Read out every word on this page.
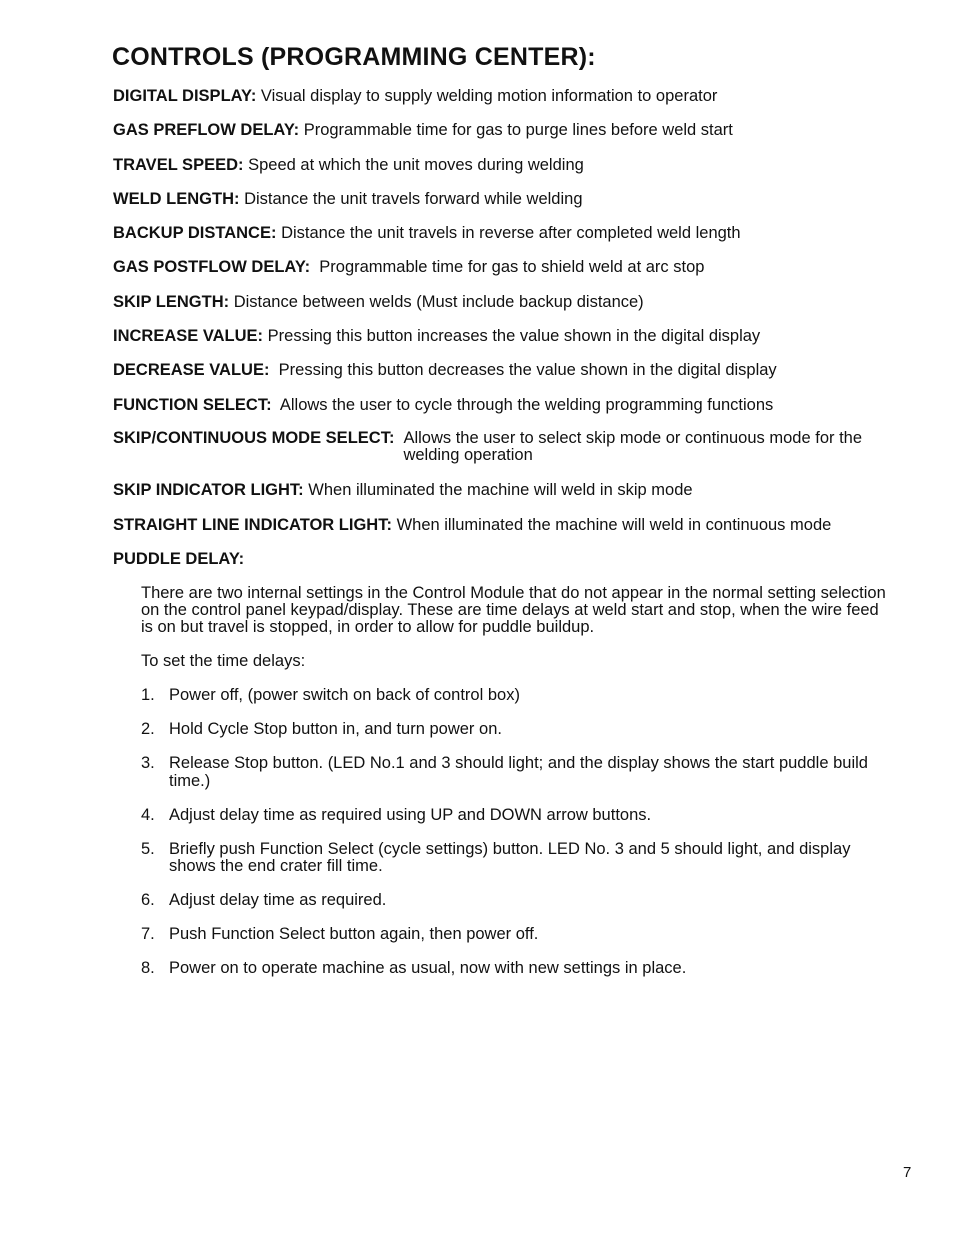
CONTROLS (PROGRAMMING CENTER):

DIGITAL DISPLAY: Visual display to supply welding motion information to operator

GAS PREFLOW DELAY: Programmable time for gas to purge lines before weld start

TRAVEL SPEED: Speed at which the unit moves during welding

WELD LENGTH: Distance the unit travels forward while welding

BACKUP DISTANCE: Distance the unit travels in reverse after completed weld length

GAS POSTFLOW DELAY: Programmable time for gas to shield weld at arc stop

SKIP LENGTH: Distance between welds (Must include backup distance)

INCREASE VALUE: Pressing this button increases the value shown in the digital display

DECREASE VALUE: Pressing this button decreases the value shown in the digital display

FUNCTION SELECT: Allows the user to cycle through the welding programming functions

SKIP/CONTINUOUS MODE SELECT: Allows the user to select skip mode or continuous mode for the welding operation

SKIP INDICATOR LIGHT: When illuminated the machine will weld in skip mode

STRAIGHT LINE INDICATOR LIGHT: When illuminated the machine will weld in continuous mode

PUDDLE DELAY:

There are two internal settings in the Control Module that do not appear in the normal setting selection on the control panel keypad/display. These are time delays at weld start and stop, when the wire feed is on but travel is stopped, in order to allow for puddle buildup.

To set the time delays:

1. Power off, (power switch on back of control box)
2. Hold Cycle Stop button in, and turn power on.
3. Release Stop button. (LED No.1 and 3 should light; and the display shows the start puddle build time.)
4. Adjust delay time as required using UP and DOWN arrow buttons.
5. Briefly push Function Select (cycle settings) button. LED No. 3 and 5 should light, and display shows the end crater fill time.
6. Adjust delay time as required.
7. Push Function Select button again, then power off.
8. Power on to operate machine as usual, now with new settings in place.
7
